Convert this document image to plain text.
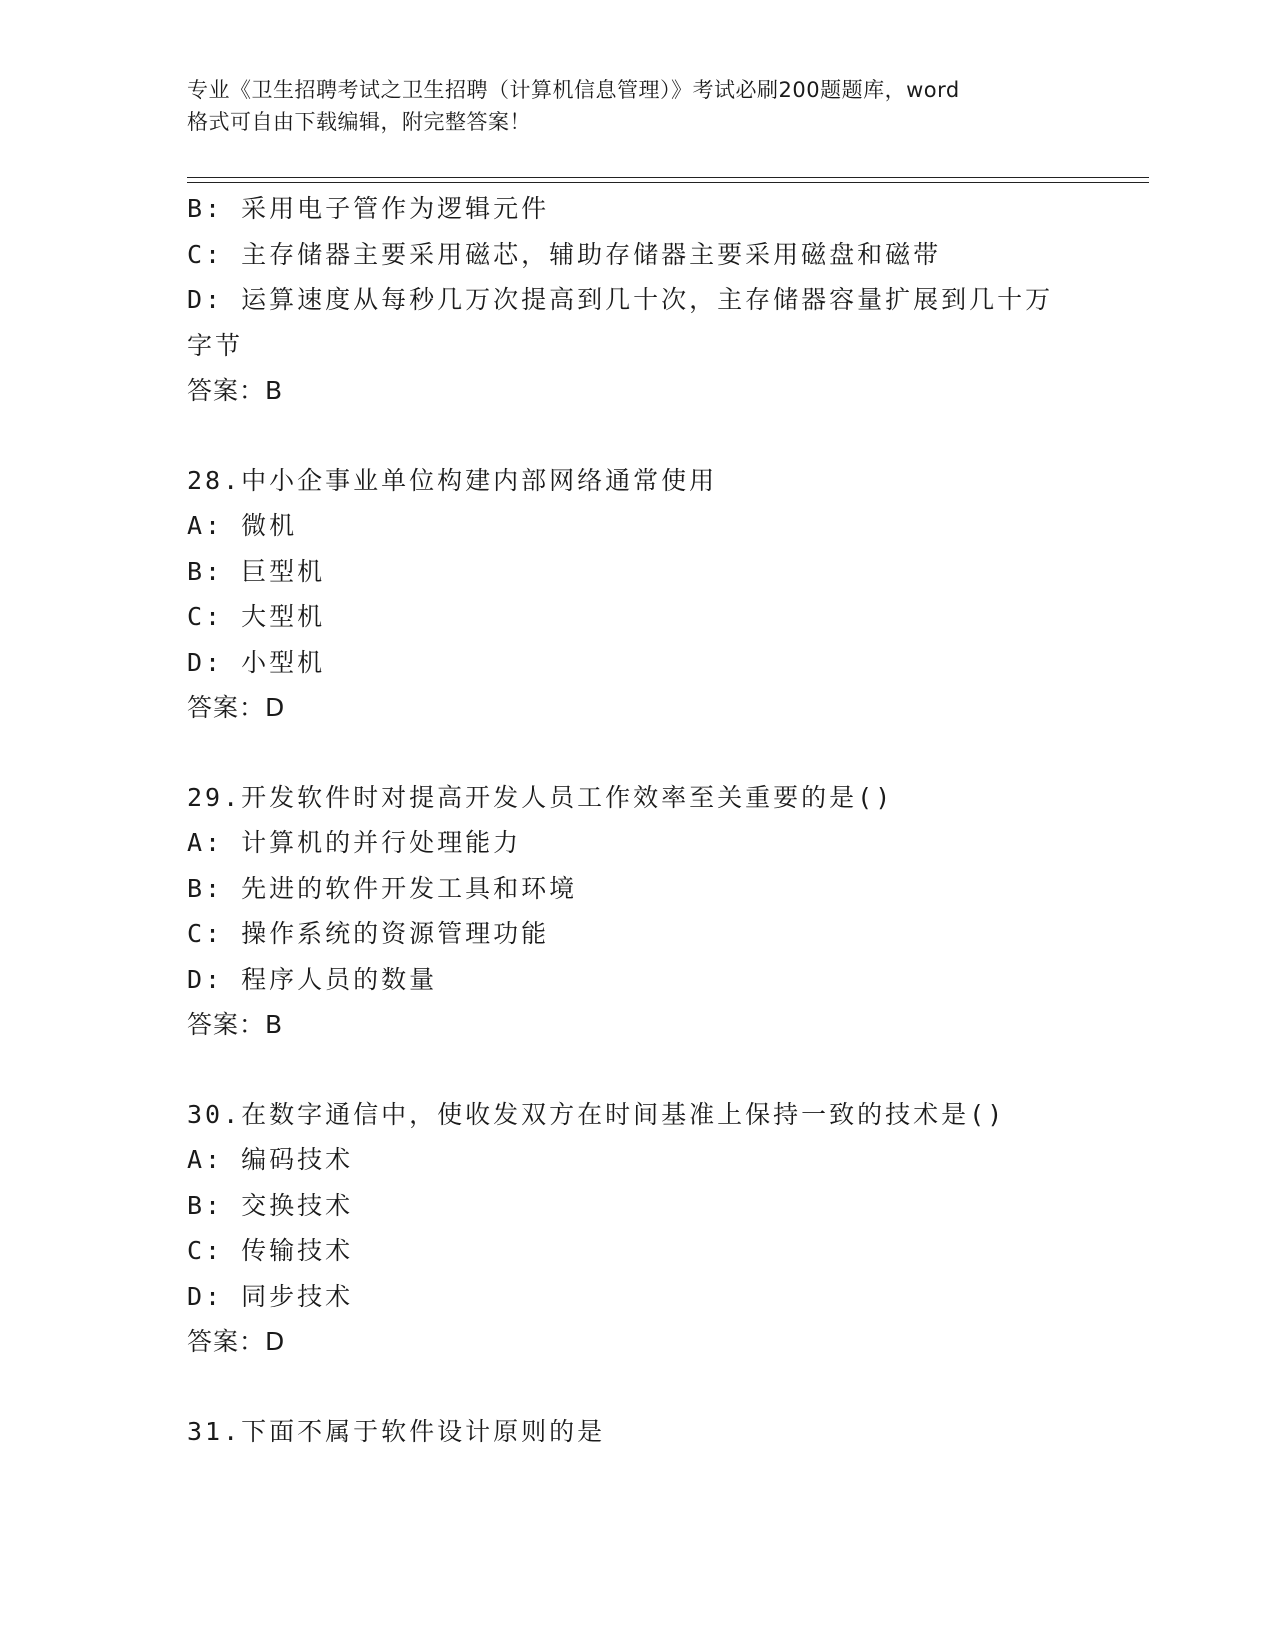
专业《卫生招聘考试之卫生招聘（计算机信息管理）》考试必刷200题题库，word
格式可自由下载编辑，附完整答案！
B: 采用电子管作为逻辑元件
C: 主存储器主要采用磁芯，辅助存储器主要采用磁盘和磁带
D: 运算速度从每秒几万次提高到几十次，主存储器容量扩展到几十万
字节
答案：B
28.中小企事业单位构建内部网络通常使用
A: 微机
B: 巨型机
C: 大型机
D: 小型机
答案：D
29.开发软件时对提高开发人员工作效率至关重要的是()
A: 计算机的并行处理能力
B: 先进的软件开发工具和环境
C: 操作系统的资源管理功能
D: 程序人员的数量
答案：B
30.在数字通信中，使收发双方在时间基准上保持一致的技术是()
A: 编码技术
B: 交换技术
C: 传输技术
D: 同步技术
答案：D
31.下面不属于软件设计原则的是
